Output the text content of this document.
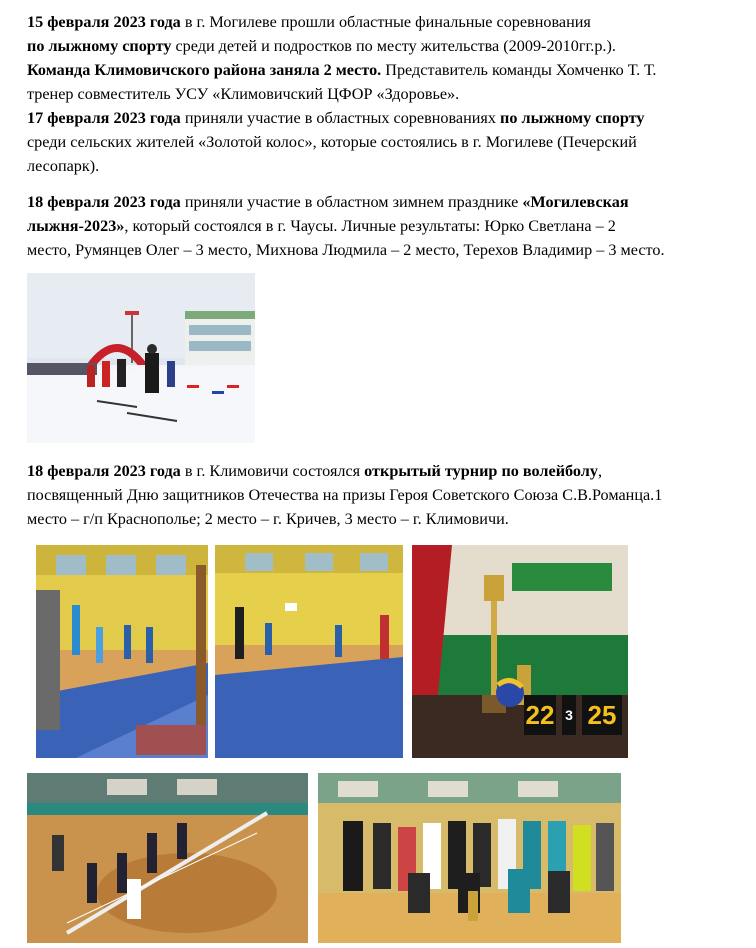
15 февраля 2023 года в г. Могилеве прошли областные финальные соревнования
по лыжному спорту среди детей и подростков по месту жительства (2009-2010гг.р.).
Команда Климовичского района заняла 2 место. Представитель команды Хомченко Т. Т.
тренер совместитель УСУ «Климовичский ЦФОР «Здоровье».

17 февраля 2023 года приняли участие в областных соревнованиях по лыжному спорту
среди сельских жителей «Золотой колос», которые состоялись в г. Могилеве (Печерский
лесопарк).

18 февраля 2023 года приняли участие в областном зимнем празднике «Могилевская
лыжня-2023», который состоялся в г. Чаусы. Личные результаты: Юрко Светлана – 2
место, Румянцев Олег – 3 место, Михнова Людмила – 2 место, Терехов Владимир – 3 место.

18 февраля 2023 года в г. Климовичи состоялся открытый турнир по волейболу,
посвященный Дню защитников Отечества на призы Героя Советского Союза С.В.Романца.1
место – г/п Краснополье; 2 место – г. Кричев, 3 место – г. Климовичи.

22 3 25
